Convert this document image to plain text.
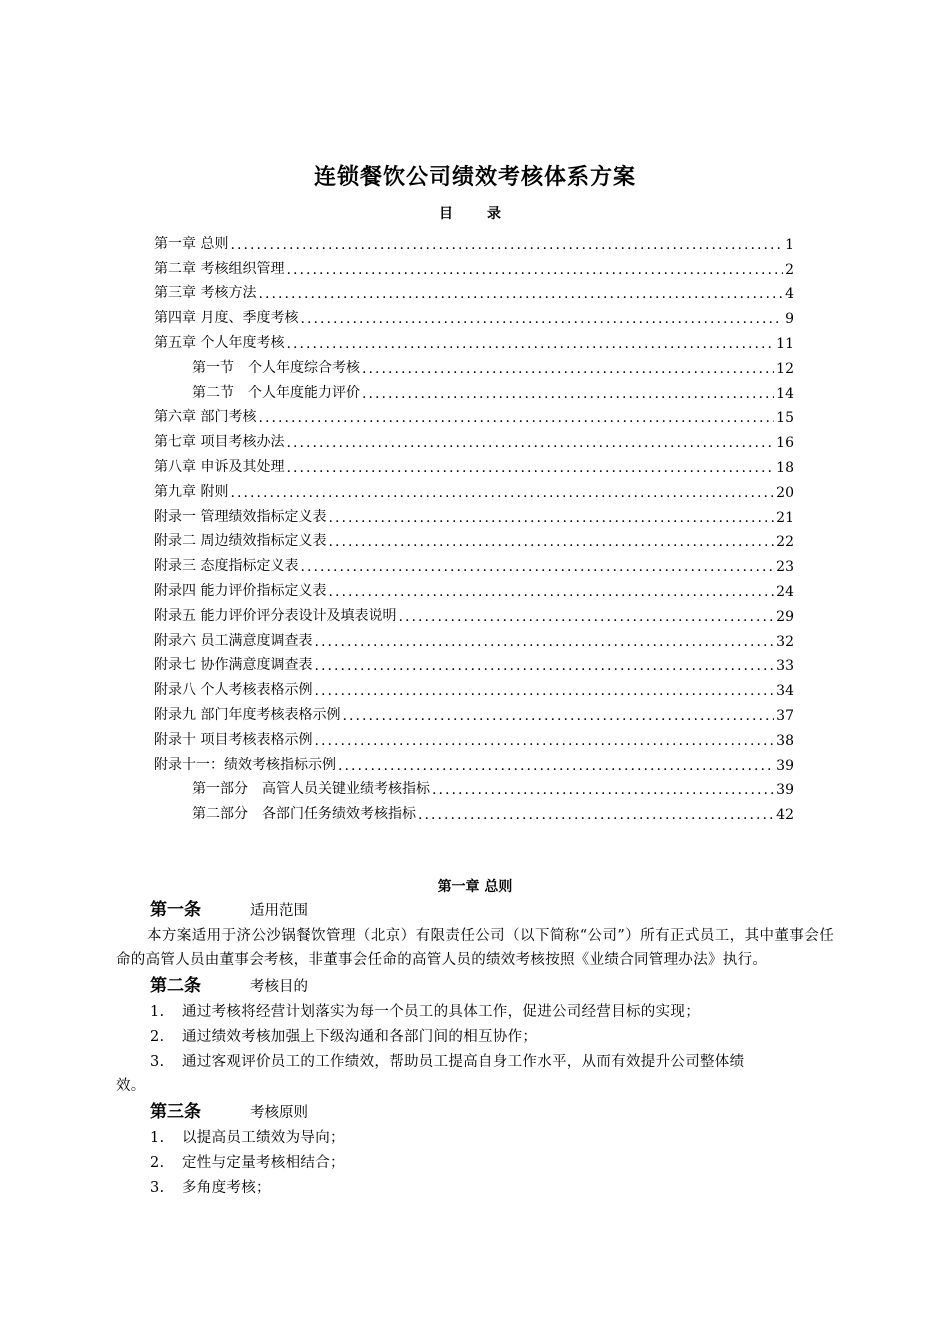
连锁餐饮公司绩效考核体系方案
目　录
第一章 总则 . . .	1
第二章 考核组织管理 . . .	2
第三章 考核方法 . . .	4
第四章 月度、季度考核 . . .	9
第五章 个人年度考核 . . .	11
第一节　个人年度综合考核 . . .	12
第二节　个人年度能力评价 . . .	14
第六章 部门考核 . . .	15
第七章 项目考核办法 . . .	16
第八章 申诉及其处理 . . .	18
第九章 附则 . . .	20
附录一 管理绩效指标定义表 . . .	21
附录二 周边绩效指标定义表 . . .	22
附录三 态度指标定义表 . . .	23
附录四 能力评价指标定义表 . . .	24
附录五 能力评价评分表设计及填表说明 . . .	29
附录六 员工满意度调查表 . . .	32
附录七 协作满意度调查表 . . .	33
附录八 个人考核表格示例 . . .	34
附录九 部门年度考核表格示例 . . .	37
附录十 项目考核表格示例 . . .	38
附录十一：绩效考核指标示例 . . .	39
第一部分　高管人员关键业绩考核指标 . . .	39
第二部分　各部门任务绩效考核指标 . . .	42
第一章 总则
第一条	适用范围
本方案适用于济公沙锅餐饮管理（北京）有限责任公司（以下简称“公司”）所有正式员工，其中董事会任命的高管人员由董事会考核，非董事会任命的高管人员的绩效考核按照《业绩合同管理办法》执行。
第二条	考核目的
1. 通过考核将经营计划落实为每一个员工的具体工作，促进公司经营目标的实现；
2. 通过绩效考核加强上下级沟通和各部门间的相互协作；
3. 通过客观评价员工的工作绩效，帮助员工提高自身工作水平，从而有效提升公司整体绩
效。
第三条	考核原则
1. 以提高员工绩效为导向；
2. 定性与定量考核相结合；
3. 多角度考核；
